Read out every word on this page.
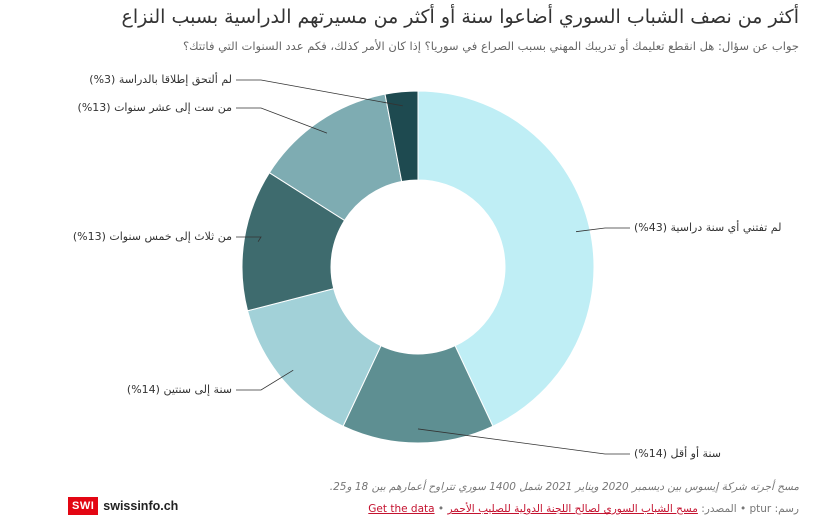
أكثر من نصف الشباب السوري أضاعوا سنة أو أكثر من مسيرتهم الدراسية بسبب النزاع
جواب عن سؤال: هل انقطع تعليمك أو تدريبك المهني بسبب الصراع في سوريا؟ إذا كان الأمر كذلك، فكم عدد السنوات التي فاتتك؟
لم تفتني أي سنة دراسية (43%)
سنة أو أقل (14%)
سنة إلى سنتين (14%)
من ثلاث إلى خمس سنوات (13%)
من ست إلى عشر سنوات (13%)
لم ألتحق إطلاقا بالدراسة (3%)
مسح أجرته شركة إيسوس بين ديسمبر 2020 ويناير 2021 شمل 1400 سوري تتراوح أعمارهم بين 18 و25.
رسم: ptur • المصدر: مسح الشباب السوري لصالح اللجنة الدولية للصليب الأحمر • Get the data
SWI swissinfo.ch
